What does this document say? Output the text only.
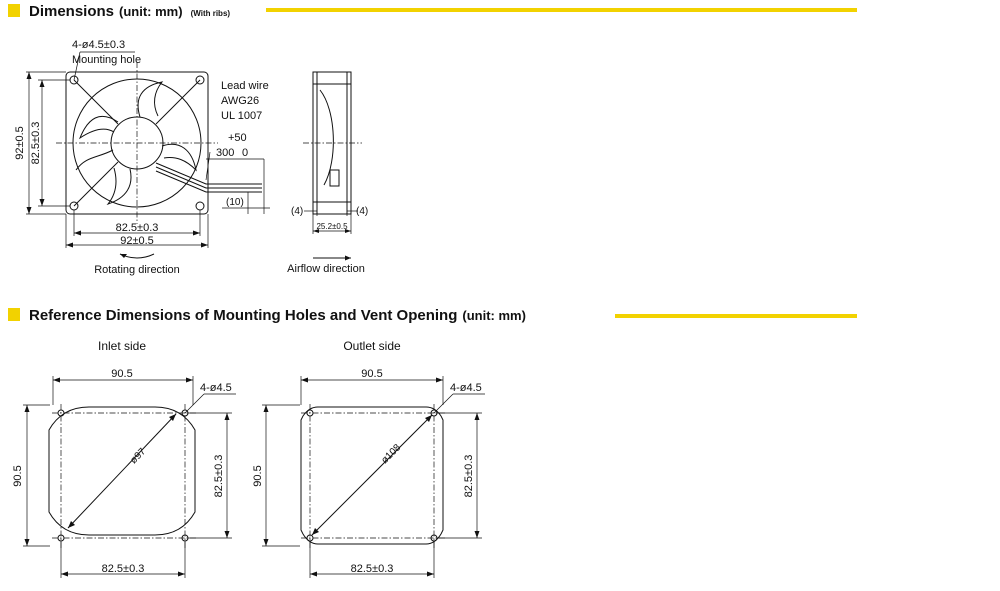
Dimensions (unit: mm) (With ribs)
Reference Dimensions of Mounting Holes and Vent Opening (unit: mm)
4-ø4.5±0.3
Mounting hole
Lead wire
AWG26
UL 1007
+50
300 0
(10)
92±0.5 82.5±0.3
82.5±0.3
92±0.5
Rotating direction
(4)	(4)
25.2±0.5
Airflow direction
Inlet side
ø97
90.5
4-ø4.5
90.5	82.5±0.3
82.5±0.3
Outlet side
ø108
90.5
4-ø4.5
90.5	82.5±0.3
82.5±0.3
